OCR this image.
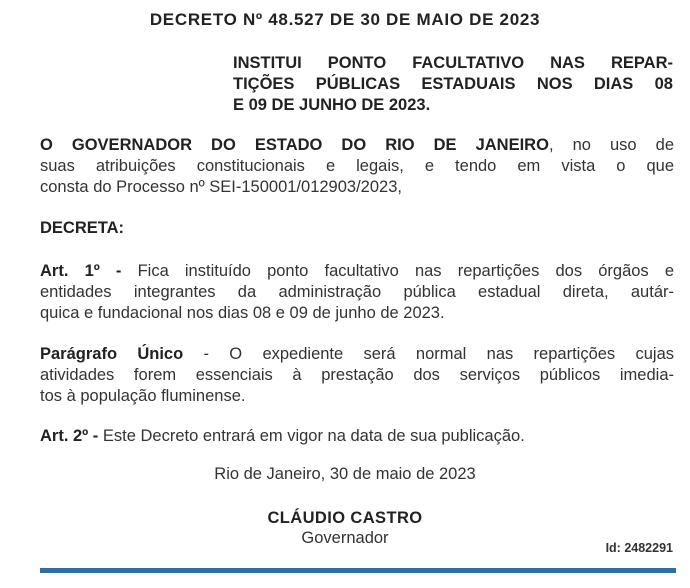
DECRETO Nº 48.527 DE 30 DE MAIO DE 2023
INSTITUI PONTO FACULTATIVO NAS REPAR-
TIÇÕES PÚBLICAS ESTADUAIS NOS DIAS 08
E 09 DE JUNHO DE 2023.
O GOVERNADOR DO ESTADO DO RIO DE JANEIRO, no uso de
suas atribuições constitucionais e legais, e tendo em vista o que
consta do Processo nº SEI-150001/012903/2023,
DECRETA:
Art. 1º - Fica instituído ponto facultativo nas repartições dos órgãos e
entidades integrantes da administração pública estadual direta, autár-
quica e fundacional nos dias 08 e 09 de junho de 2023.
Parágrafo Único - O expediente será normal nas repartições cujas
atividades forem essenciais à prestação dos serviços públicos imedia-
tos à população fluminense.
Art. 2º - Este Decreto entrará em vigor na data de sua publicação.
Rio de Janeiro, 30 de maio de 2023
CLÁUDIO CASTRO
Governador
Id: 2482291
